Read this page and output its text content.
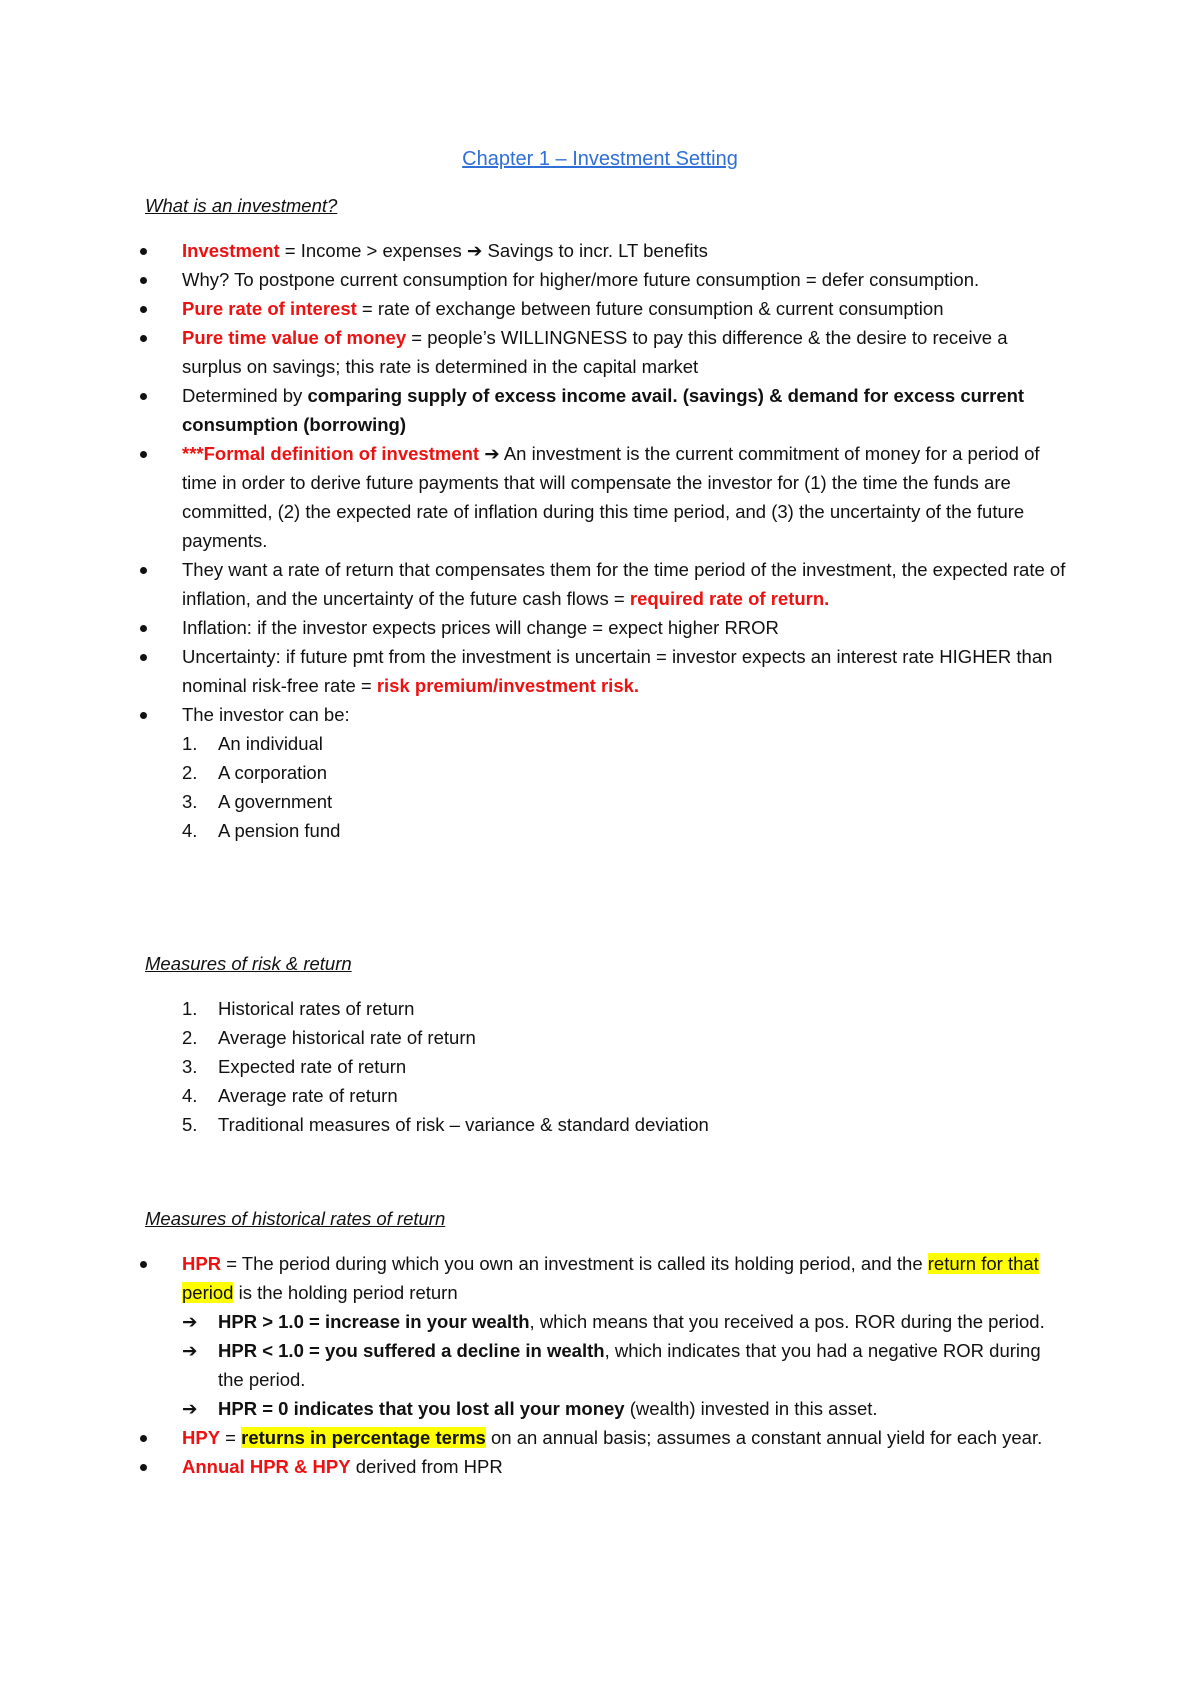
Chapter 1 – Investment Setting
What is an investment?
Investment = Income > expenses ➔ Savings to incr. LT benefits
Why? To postpone current consumption for higher/more future consumption = defer consumption.
Pure rate of interest = rate of exchange between future consumption & current consumption
Pure time value of money = people’s WILLINGNESS to pay this difference & the desire to receive a surplus on savings; this rate is determined in the capital market
Determined by comparing supply of excess income avail. (savings) & demand for excess current consumption (borrowing)
***Formal definition of investment ➔ An investment is the current commitment of money for a period of time in order to derive future payments that will compensate the investor for (1) the time the funds are committed, (2) the expected rate of inflation during this time period, and (3) the uncertainty of the future payments.
They want a rate of return that compensates them for the time period of the investment, the expected rate of inflation, and the uncertainty of the future cash flows = required rate of return.
Inflation: if the investor expects prices will change = expect higher RROR
Uncertainty: if future pmt from the investment is uncertain = investor expects an interest rate HIGHER than nominal risk-free rate = risk premium/investment risk.
The investor can be:
1. An individual
2. A corporation
3. A government
4. A pension fund
Measures of risk & return
1. Historical rates of return
2. Average historical rate of return
3. Expected rate of return
4. Average rate of return
5. Traditional measures of risk – variance & standard deviation
Measures of historical rates of return
HPR = The period during which you own an investment is called its holding period, and the return for that period is the holding period return
➔ HPR > 1.0 = increase in your wealth, which means that you received a pos. ROR during the period.
➔ HPR < 1.0 = you suffered a decline in wealth, which indicates that you had a negative ROR during the period.
➔ HPR = 0 indicates that you lost all your money (wealth) invested in this asset.
HPY = returns in percentage terms on an annual basis; assumes a constant annual yield for each year.
Annual HPR & HPY derived from HPR
